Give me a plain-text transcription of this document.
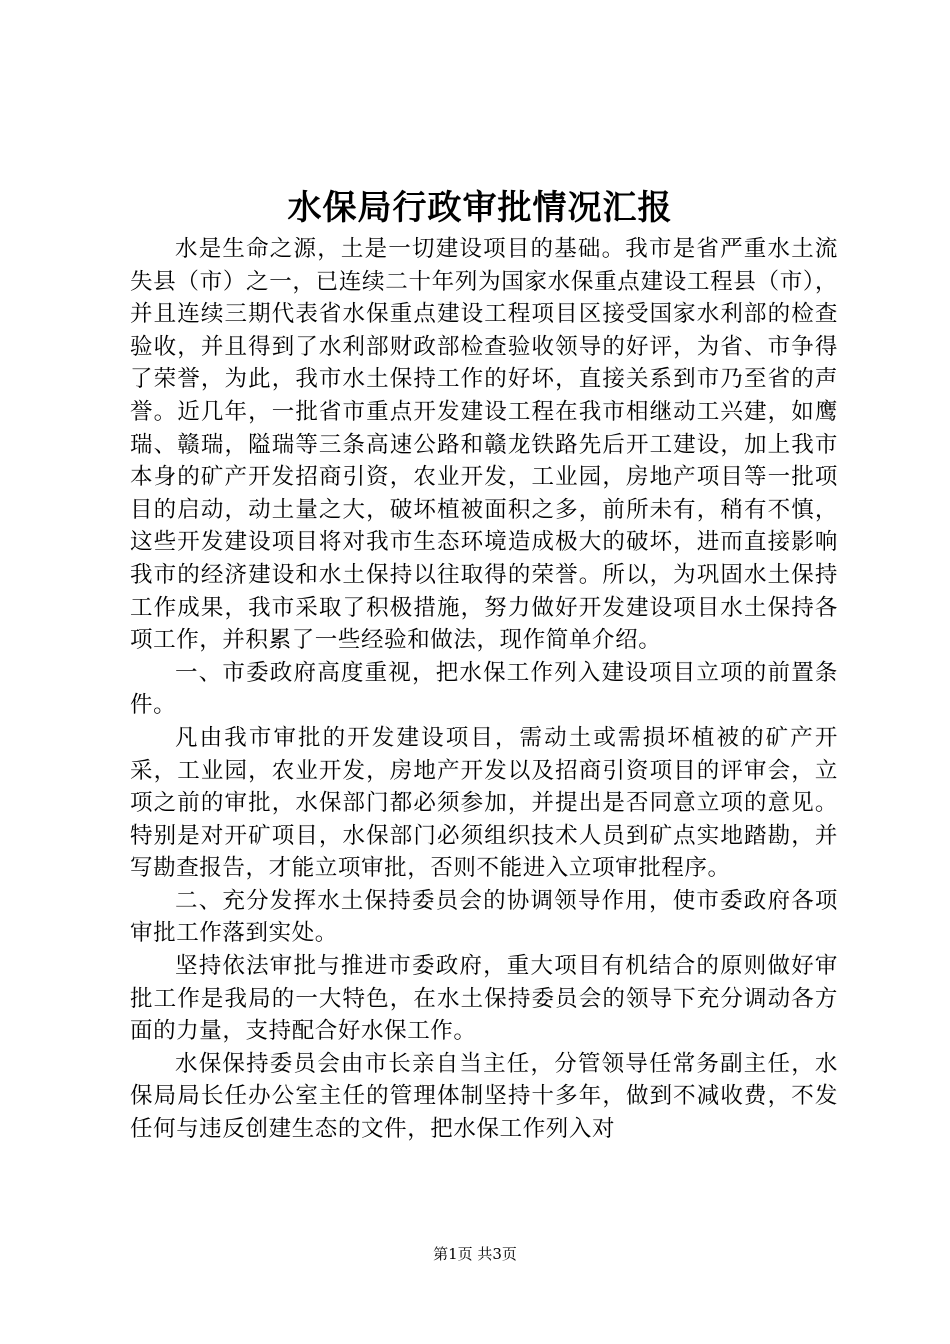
水保局行政审批情况汇报

水是生命之源，土是一切建设项目的基础。我市是省严重水土流失县（市）之一，已连续二十年列为国家水保重点建设工程县（市），并且连续三期代表省水保重点建设工程项目区接受国家水利部的检查验收，并且得到了水利部财政部检查验收领导的好评，为省、市争得了荣誉，为此，我市水土保持工作的好坏，直接关系到市乃至省的声誉。近几年，一批省市重点开发建设工程在我市相继动工兴建，如鹰瑞、赣瑞，隘瑞等三条高速公路和赣龙铁路先后开工建设，加上我市本身的矿产开发招商引资，农业开发，工业园，房地产项目等一批项目的启动，动土量之大，破坏植被面积之多，前所未有，稍有不慎，这些开发建设项目将对我市生态环境造成极大的破坏，进而直接影响我市的经济建设和水土保持以往取得的荣誉。所以，为巩固水土保持工作成果，我市采取了积极措施，努力做好开发建设项目水土保持各项工作，并积累了一些经验和做法，现作简单介绍。

一、市委政府高度重视，把水保工作列入建设项目立项的前置条件。

凡由我市审批的开发建设项目，需动土或需损坏植被的矿产开采，工业园，农业开发，房地产开发以及招商引资项目的评审会，立项之前的审批，水保部门都必须参加，并提出是否同意立项的意见。特别是对开矿项目，水保部门必须组织技术人员到矿点实地踏勘，并写勘查报告，才能立项审批，否则不能进入立项审批程序。

二、充分发挥水土保持委员会的协调领导作用，使市委政府各项审批工作落到实处。

坚持依法审批与推进市委政府，重大项目有机结合的原则做好审批工作是我局的一大特色，在水土保持委员会的领导下充分调动各方面的力量，支持配合好水保工作。

水保保持委员会由市长亲自当主任，分管领导任常务副主任，水保局局长任办公室主任的管理体制坚持十多年，做到不减收费，不发任何与违反创建生态的文件，把水保工作列入对

第1页 共3页
